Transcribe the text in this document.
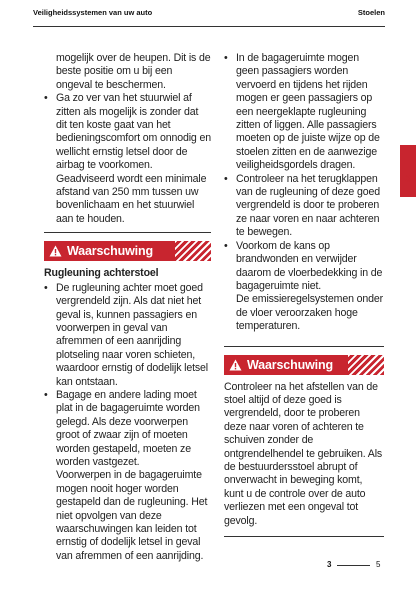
Veiligheidssystemen van uw auto	Stoelen

mogelijk over de heupen. Dit is de beste positie om u bij een ongeval te beschermen.

• Ga zo ver van het stuurwiel af zitten als mogelijk is zonder dat dit ten koste gaat van het bedieningscomfort om onnodig en wellicht ernstig letsel door de airbag te voorkomen. Geadviseerd wordt een minimale afstand van 250 mm tussen uw bovenlichaam en het stuurwiel aan te houden.

Waarschuwing

Rugleuning achterstoel

• De rugleuning achter moet goed vergrendeld zijn. Als dat niet het geval is, kunnen passagiers en voorwerpen in geval van afremmen of een aanrijding plotseling naar voren schieten, waardoor ernstig of dodelijk letsel kan ontstaan.

• Bagage en andere lading moet plat in de bagageruimte worden gelegd. Als deze voorwerpen groot of zwaar zijn of moeten worden gestapeld, moeten ze worden vastgezet.

Voorwerpen in de bagageruimte mogen nooit hoger worden gestapeld dan de rugleuning. Het niet opvolgen van deze waarschuwingen kan leiden tot ernstig of dodelijk letsel in geval van afremmen of een aanrijding.

• In de bagageruimte mogen geen passagiers worden vervoerd en tijdens het rijden mogen er geen passagiers op een neergeklapte rugleuning zitten of liggen. Alle passagiers moeten op de juiste wijze op de stoelen zitten en de aanwezige veiligheidsgordels dragen.

• Controleer na het terugklappen van de rugleuning of deze goed vergrendeld is door te proberen ze naar voren en naar achteren te bewegen.

• Voorkom de kans op brandwonden en verwijder daarom de vloerbedekking in de bagageruimte niet.

De emissieregelsystemen onder de vloer veroorzaken hoge temperaturen.

Waarschuwing

Controleer na het afstellen van de stoel altijd of deze goed is vergrendeld, door te proberen deze naar voren of achteren te schuiven zonder de ontgrendelhendel te gebruiken. Als de bestuurdersstoel abrupt of onverwacht in beweging komt, kunt u de controle over de auto verliezen met een ongeval tot gevolg.

3
3	5
